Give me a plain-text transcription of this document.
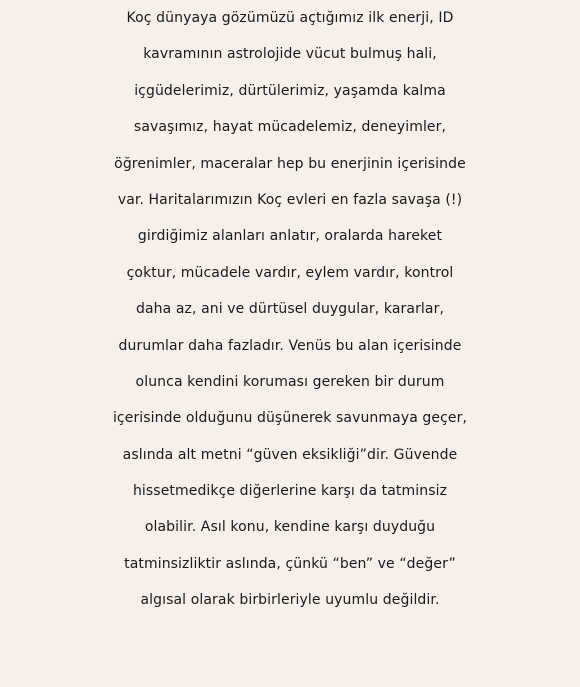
Koç dünyaya gözümüzü açtığımız ilk enerji, ID
kavramının astrolojide vücut bulmuş hali,
içgüdelerimiz, dürtülerimiz, yaşamda kalma
savaşımız, hayat mücadelemiz, deneyimler,
öğrenimler, maceralar hep bu enerjinin içerisinde
var. Haritalarımızın Koç evleri en fazla savaşa (!)
girdiğimiz alanları anlatır, oralarda hareket
çoktur, mücadele vardır, eylem vardır, kontrol
daha az, ani ve dürtüsel duygular, kararlar,
durumlar daha fazladır. Venüs bu alan içerisinde
olunca kendini koruması gereken bir durum
içerisinde olduğunu düşünerek savunmaya geçer,
aslında alt metni “güven eksikliği”dir. Güvende
hissetmedikçe diğerlerine karşı da tatminsiz
olabilir. Asıl konu, kendine karşı duyduğu
tatminsizliktir aslında, çünkü “ben” ve “değer”
algısal olarak birbirleriyle uyumlu değildir.
